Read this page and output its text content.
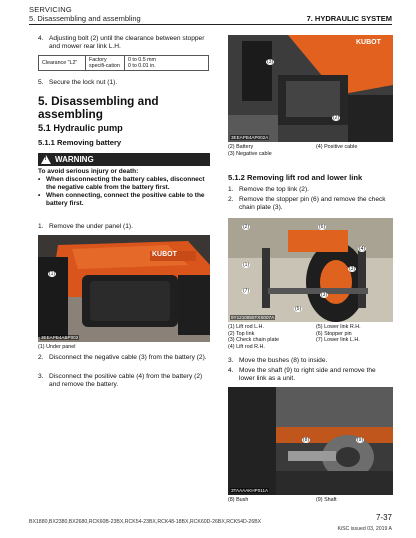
SERVICING
5. Disassembling and assembling	7. HYDRAULIC SYSTEM
4. Adjusting bolt (2) until the clearance between stopper and mower rear link L.H.
Clearance "L2"	Factory specifi-cation	0 to 0.5 mm
0 to 0.01 in.
5. Secure the lock nut (1).
5. Disassembling and assembling
5.1 Hydraulic pump
5.1.1 Removing battery
!
WARNING
To avoid serious injury or death:
• When disconnecting the battery cables, disconnect the negative cable from the battery first.
• When connecting, connect the positive cable to the battery first.
1. Remove the under panel (1).
KUBOT
(1)
3EEAPB4ABP002
(1) Under panel
2. Disconnect the negative cable (3) from the battery (2).
3. Disconnect the positive cable (4) from the battery (2) and remove the battery.
KUBOT
(3)
(2)
3EEAPB4AP002A
(2) Battery	(4) Positive cable
(3) Negative cable
5.1.2 Removing lift rod and lower link
1. Remove the top link (2).
2. Remove the stopper pin (6) and remove the check chain plate (3).
(2)	(6)
(1)
(3)
(7)
(3)
(5)
(4)
9Y1210855TXS007A
(1) Lift rod L.H.	(5) Lower link R.H.
(2) Top link	(6) Stopper pin
(3) Check chain plate	(7) Lower link L.H.
(4) Lift rod R.H.
3. Move the bushes (8) to inside.
4. Move the shaft (9) to right side and remove the lower link as a unit.
(8)	(9)
3TAAAAKHP011A
(8) Bush	(9) Shaft
BX1880,BX2380,BX2680,RCK60B-23BX,RCK54-23BX,RCK48-18BX,RCK60D-26BX,RCK54D-26BX	7-37
KiSC issued 03, 2019 A
